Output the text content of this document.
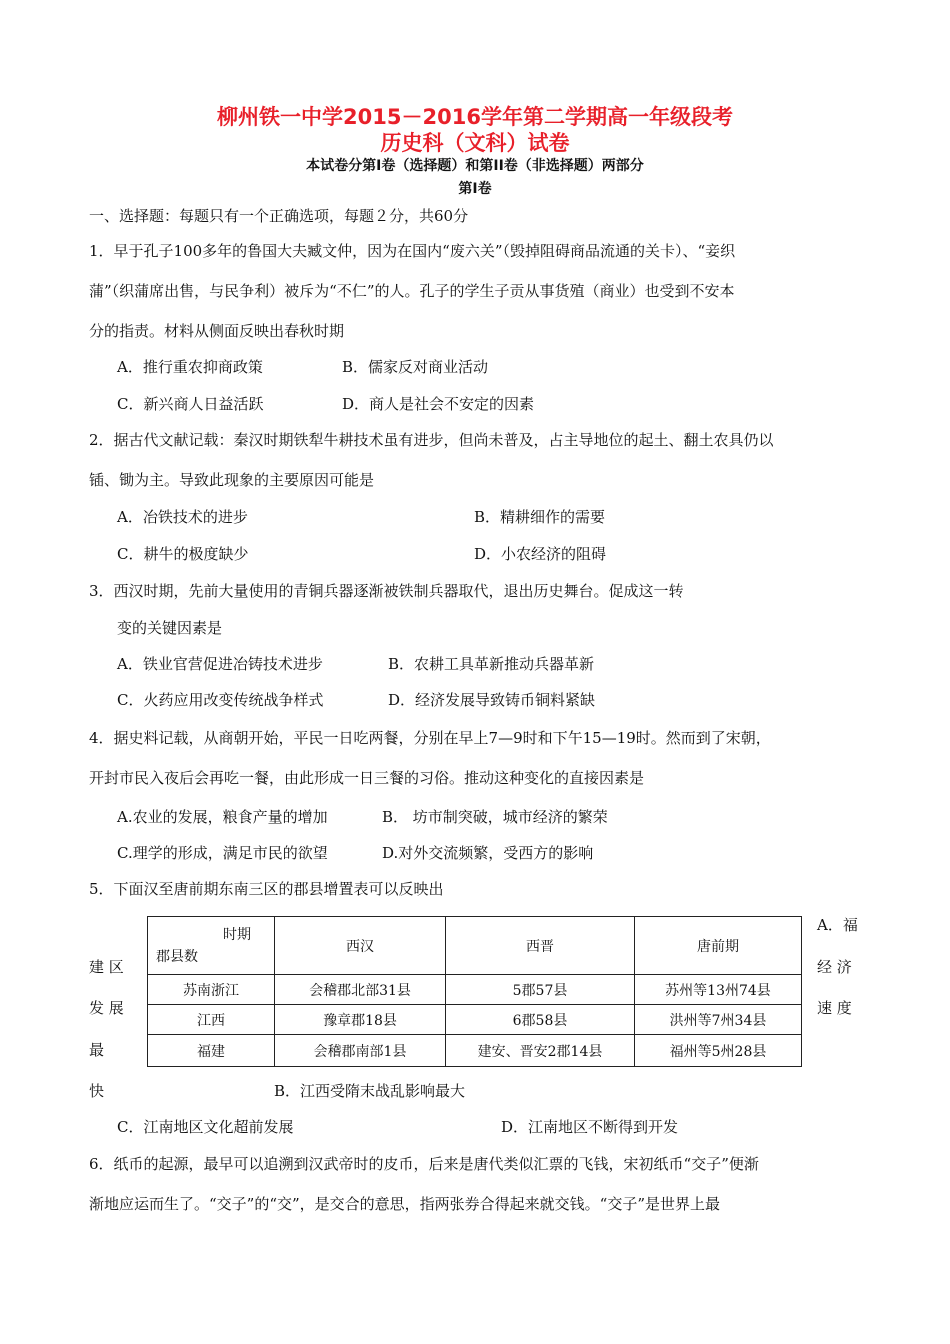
柳州铁一中学2015－2016学年第二学期高一年级段考
历史科（文科）试卷
本试卷分第I卷（选择题）和第II卷（非选择题）两部分
第I卷
一、选择题：每题只有一个正确选项，每题２分，共60分
1．早于孔子100多年的鲁国大夫臧文仲，因为在国内“废六关”（毁掉阻碍商品流通的关卡）、“妾织
蒲”（织蒲席出售，与民争利）被斥为“不仁”的人。孔子的学生子贡从事货殖（商业）也受到不安本
分的指责。材料从侧面反映出春秋时期
A．推行重农抑商政策	B．儒家反对商业活动
C．新兴商人日益活跃	D．商人是社会不安定的因素
2．据古代文献记载：秦汉时期铁犁牛耕技术虽有进步，但尚未普及，占主导地位的起土、翻土农具仍以
锸、锄为主。导致此现象的主要原因可能是
A．冶铁技术的进步	B．精耕细作的需要
C．耕牛的极度缺少	D．小农经济的阻碍
3．西汉时期，先前大量使用的青铜兵器逐渐被铁制兵器取代，退出历史舞台。促成这一转
变的关键因素是
A．铁业官营促进冶铸技术进步	B．农耕工具革新推动兵器革新
C．火药应用改变传统战争样式	D．经济发展导致铸币铜料紧缺
4．据史料记载，从商朝开始，平民一日吃两餐，分别在早上7—9时和下午15—19时。然而到了宋朝，
开封市民入夜后会再吃一餐，由此形成一日三餐的习俗。推动这种变化的直接因素是
A.农业的发展，粮食产量的增加	B． 坊市制突破，城市经济的繁荣
C.理学的形成，满足市民的欲望	D.对外交流频繁，受西方的影响
5．下面汉至唐前期东南三区的郡县增置表可以反映出
时期
郡县数	西汉	西晋	唐前期
苏南浙江	会稽郡北部31县	5郡57县	苏州等13州74县
江西	豫章郡18县	6郡58县	洪州等7州34县
福建	会稽郡南部1县	建安、晋安2郡14县	福州等5州28县
A．福
经 济
速 度
建 区
发 展
最
快	B．江西受隋末战乱影响最大
C．江南地区文化超前发展	D．江南地区不断得到开发
6．纸币的起源，最早可以追溯到汉武帝时的皮币，后来是唐代类似汇票的飞钱，宋初纸币“交子”便渐
渐地应运而生了。“交子”的“交”，是交合的意思，指两张券合得起来就交钱。“交子”是世界上最
